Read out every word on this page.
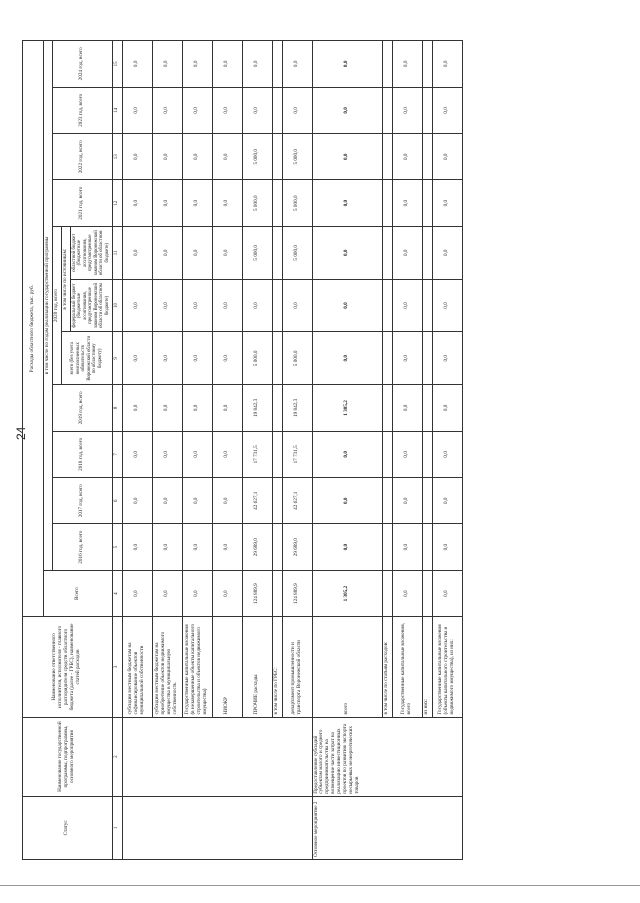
24
Статус	Наименование государственной программы, подпрограммы, основного мероприятия	Наименование ответственного исполнителя, исполнителя - главного распорядителя средств областного бюджета (далее - ГРБС), наименование статей расходов	Расходы областного бюджета, тыс. руб.											
			Всего	в том числе по годам реализации государственной программы										
				2016 год, всего	2017 год, всего	2018 год, всего	2019 год, всего	2020 год, всего			2021 год, всего	2022 год, всего	2023 год, всего	2024 год, всего
								всего (без учета неисполненных обязательств Воронежской области по областному бюджету)	в том числе по источникам:					
									федеральный бюджет (бюджетные ассигнования, предусмотренные законом Воронежской области об областном бюджете)	областной бюджет (бюджетные ассигнования, предусмотренные законом Воронежской области об областном бюджете)				
1	2	3	4	5	6	7	8	9	10	11	12	13	14	15
		субсидии местным бюджетам на софинансирование объектов муниципальной собственности	0,0	0,0	0,0	0,0	0,0	0,0	0,0	0,0	0,0	0,0	0,0	0,0
		субсидии местным бюджетам на приобретение объектов недвижимого имущества в муниципальную собственность	0,0	0,0	0,0	0,0	0,0	0,0	0,0	0,0	0,0	0,0	0,0	0,0
		Государственные капитальные вложения (в незавершенные объекты капитального строительства и объектов недвижимого имущества)	0,0	0,0	0,0	0,0	0,0	0,0	0,0	0,0	0,0	0,0	0,0	0,0
		НИОКР	0,0	0,0	0,0	0,0	0,0	0,0	0,0	0,0	0,0	0,0	0,0	0,0
		ПРОЧИЕ расходы	124 889,9	29 689,0	42 627,1	17 731,5	19 842,3	5 000,0	0,0	5 000,0	5 000,0	5 000,0	0,0	0,0
		в том числе по ГРБС:												
		департамент промышленности и транспорта Воронежской области	124 889,9	29 689,0	42 627,1	17 731,5	19 842,3	5 000,0	0,0	5 000,0	5 000,0	5 000,0	0,0	0,0
Основное мероприятие 2	Предоставление субсидий субъектам малого и среднего предпринимательства на возмещение части затрат на реализацию инвестиционных проектов по развитию экспорта несырьевых неэнергетических товаров	всего	1 305,2	0,0	0,0	0,0	1 305,2	0,0	0,0	0,0	0,0	0,0	0,0	0,0
		в том числе по статьям расходов:												
		Государственные капитальные вложения, всего	0,0	0,0	0,0	0,0	0,0	0,0	0,0	0,0	0,0	0,0	0,0	0,0
		из них:												
		Государственные капитальные вложения (объекты капитального строительства и недвижимого имущества), из них:	0,0	0,0	0,0	0,0	0,0	0,0	0,0	0,0	0,0	0,0	0,0	0,0
